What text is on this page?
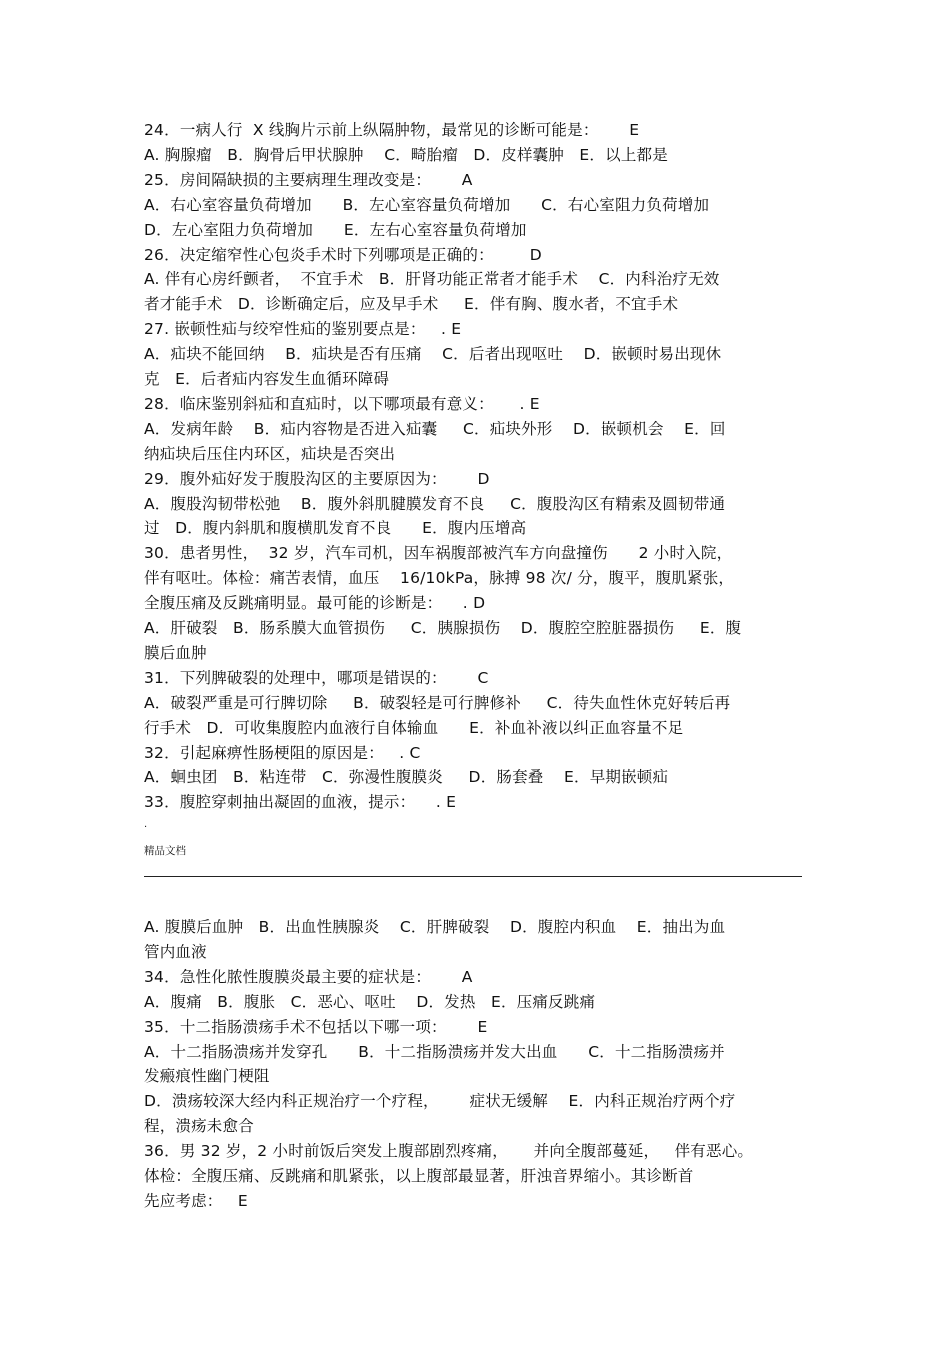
24．一病人行  X 线胸片示前上纵隔肿物，最常见的诊断可能是：      E
A. 胸腺瘤   B．胸骨后甲状腺肿    C．畸胎瘤   D．皮样囊肿   E．以上都是
25．房间隔缺损的主要病理生理改变是：      A
A．右心室容量负荷增加      B．左心室容量负荷增加      C．右心室阻力负荷增加
D．左心室阻力负荷增加      E．左右心室容量负荷增加
26．决定缩窄性心包炎手术时下列哪项是正确的：       D
A. 伴有心房纤颤者，  不宜手术   B．肝肾功能正常者才能手术    C．内科治疗无效
者才能手术   D．诊断确定后，应及早手术     E．伴有胸、腹水者，不宜手术
27. 嵌顿性疝与绞窄性疝的鉴别要点是：   . E
A．疝块不能回纳    B．疝块是否有压痛    C．后者出现呕吐    D．嵌顿时易出现休
克   E．后者疝内容发生血循环障碍
28．临床鉴别斜疝和直疝时，以下哪项最有意义：     . E
A．发病年龄    B．疝内容物是否进入疝囊     C．疝块外形    D．嵌顿机会    E．回
纳疝块后压住内环区，疝块是否突出
29．腹外疝好发于腹股沟区的主要原因为：      D
A．腹股沟韧带松弛    B．腹外斜肌腱膜发育不良     C．腹股沟区有精索及圆韧带通
过   D．腹内斜肌和腹横肌发育不良      E．腹内压增高
30．患者男性，  32 岁，汽车司机，因车祸腹部被汽车方向盘撞伤      2 小时入院，
伴有呕吐。体检：痛苦表情，血压    16/10kPa，脉搏 98 次/ 分，腹平，腹肌紧张，
全腹压痛及反跳痛明显。最可能的诊断是：    . D
A．肝破裂   B．肠系膜大血管损伤     C．胰腺损伤    D．腹腔空腔脏器损伤     E．腹
膜后血肿
31．下列脾破裂的处理中，哪项是错误的：      C
A．破裂严重是可行脾切除     B．破裂轻是可行脾修补     C．待失血性休克好转后再
行手术   D．可收集腹腔内血液行自体输血      E．补血补液以纠正血容量不足
32．引起麻痹性肠梗阻的原因是：   . C
A．蛔虫团   B．粘连带   C．弥漫性腹膜炎     D．肠套叠    E．早期嵌顿疝
33．腹腔穿刺抽出凝固的血液，提示：    . E
A. 腹膜后血肿   B．出血性胰腺炎    C．肝脾破裂    D．腹腔内积血    E．抽出为血
管内血液
34．急性化脓性腹膜炎最主要的症状是：      A
A．腹痛   B．腹胀   C．恶心、呕吐    D．发热   E．压痛反跳痛
35．十二指肠溃疡手术不包括以下哪一项：      E
A．十二指肠溃疡并发穿孔      B．十二指肠溃疡并发大出血      C．十二指肠溃疡并
发瘢痕性幽门梗阻
D．溃疡较深大经内科正规治疗一个疗程，      症状无缓解    E．内科正规治疗两个疗
程，溃疡未愈合
36．男 32 岁，2 小时前饭后突发上腹部剧烈疼痛，     并向全腹部蔓延，   伴有恶心。
体检：全腹压痛、反跳痛和肌紧张，以上腹部最显著，肝浊音界缩小。其诊断首
先应考虑：   E
.
精品文档
